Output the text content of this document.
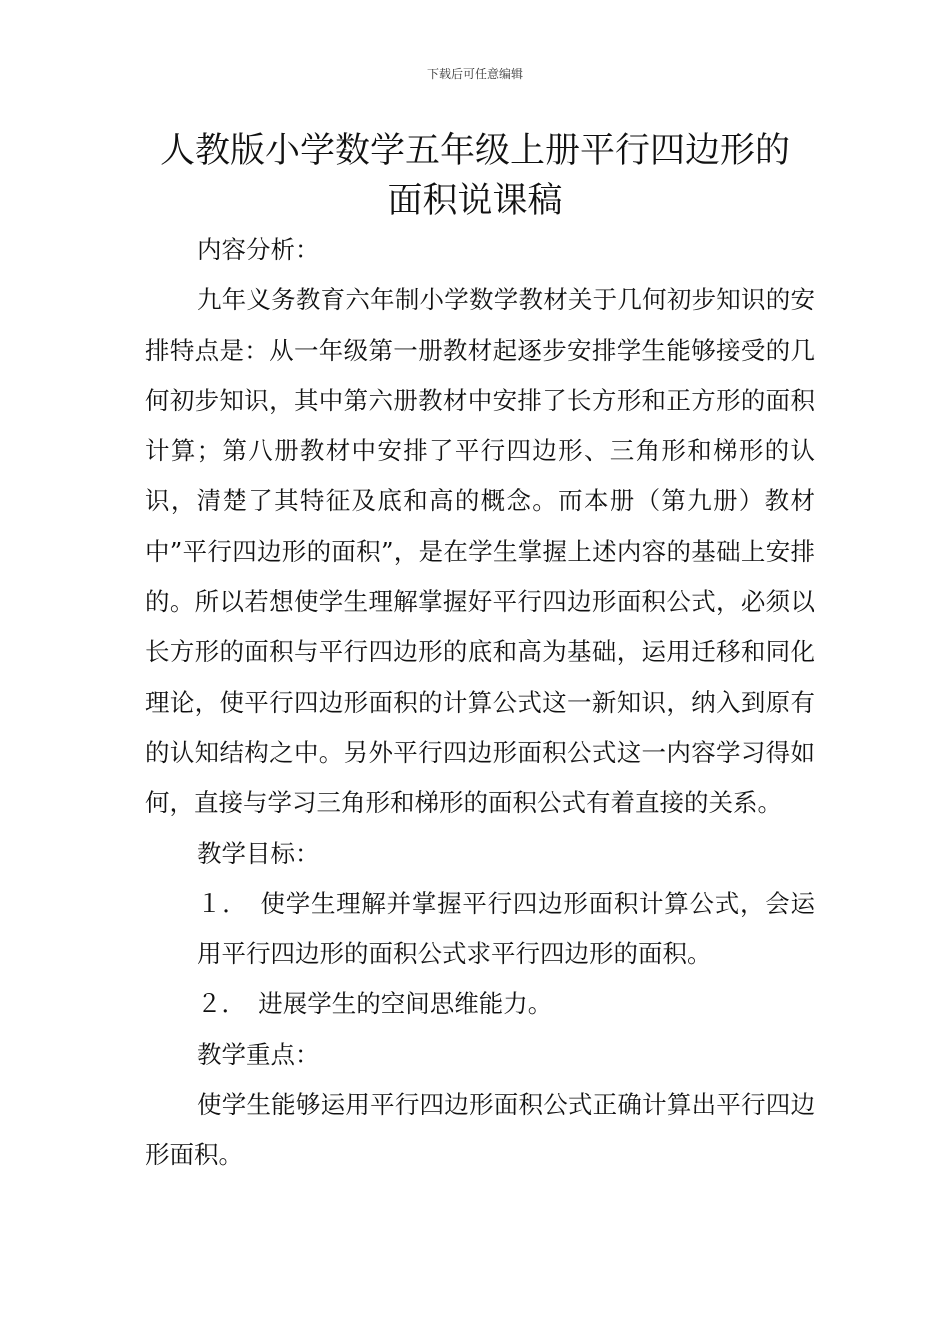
下载后可任意编辑
人教版小学数学五年级上册平行四边形的
面积说课稿

内容分析：

九年义务教育六年制小学数学教材关于几何初步知识的安排特点是：从一年级第一册教材起逐步安排学生能够接受的几何初步知识，其中第六册教材中安排了长方形和正方形的面积计算；第八册教材中安排了平行四边形、三角形和梯形的认识，清楚了其特征及底和高的概念。而本册（第九册）教材中”平行四边形的面积”，是在学生掌握上述内容的基础上安排的。所以若想使学生理解掌握好平行四边形面积公式，必须以长方形的面积与平行四边形的底和高为基础，运用迁移和同化理论，使平行四边形面积的计算公式这一新知识，纳入到原有的认知结构之中。另外平行四边形面积公式这一内容学习得如何，直接与学习三角形和梯形的面积公式有着直接的关系。

教学目标：

１．　使学生理解并掌握平行四边形面积计算公式，会运用平行四边形的面积公式求平行四边形的面积。

２．　进展学生的空间思维能力。

教学重点：

使学生能够运用平行四边形面积公式正确计算出平行四边形面积。
